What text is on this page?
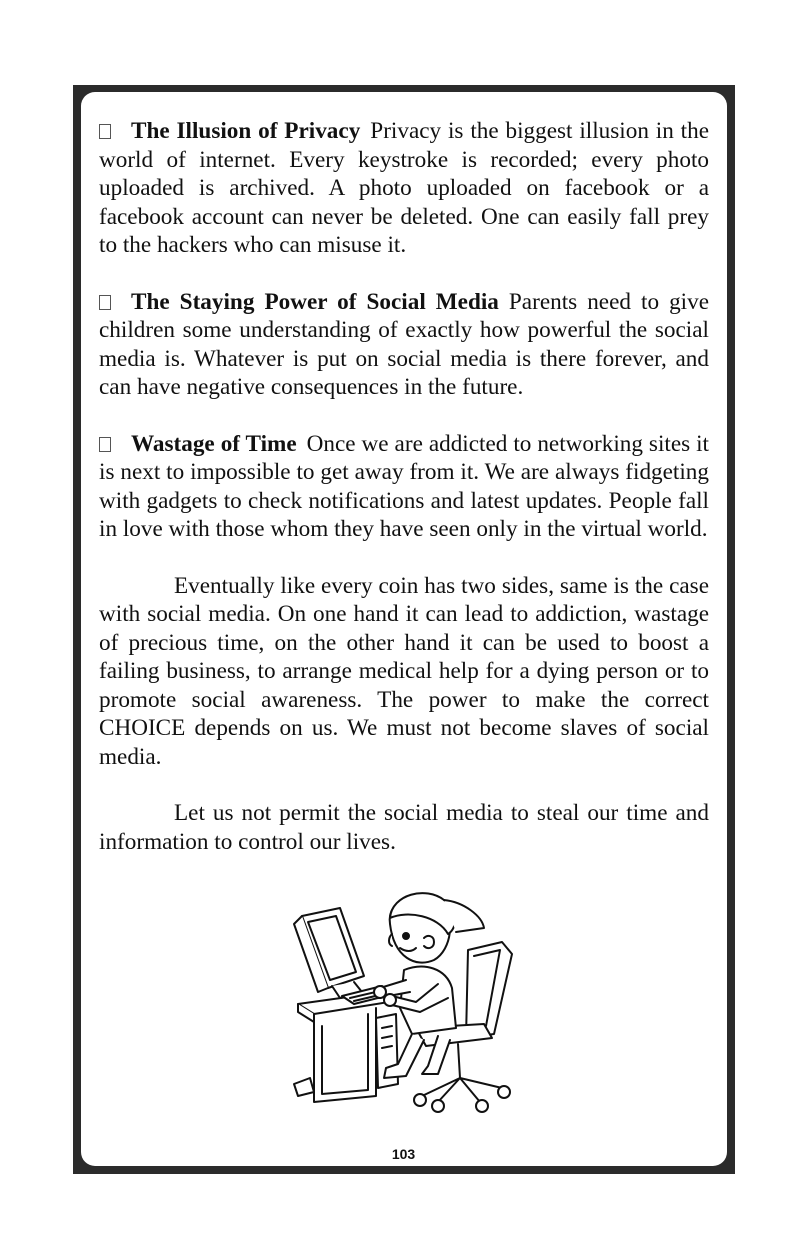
The Illusion of Privacy Privacy is the biggest illusion in the world of internet. Every keystroke is recorded; every photo uploaded is archived. A photo uploaded on facebook or a facebook account can never be deleted. One can easily fall prey to the hackers who can misuse it.

The Staying Power of Social Media Parents need to give children some understanding of exactly how powerful the social media is. Whatever is put on social media is there forever, and can have negative consequences in the future.

Wastage of Time Once we are addicted to networking sites it is next to impossible to get away from it. We are always fidgeting with gadgets to check notifications and latest updates. People fall in love with those whom they have seen only in the virtual world.

Eventually like every coin has two sides, same is the case with social media. On one hand it can lead to addiction, wastage of precious time, on the other hand it can be used to boost a failing business, to arrange medical help for a dying person or to promote social awareness. The power to make the correct CHOICE depends on us. We must not become slaves of social media.

Let us not permit the social media to steal our time and information to control our lives.

103
